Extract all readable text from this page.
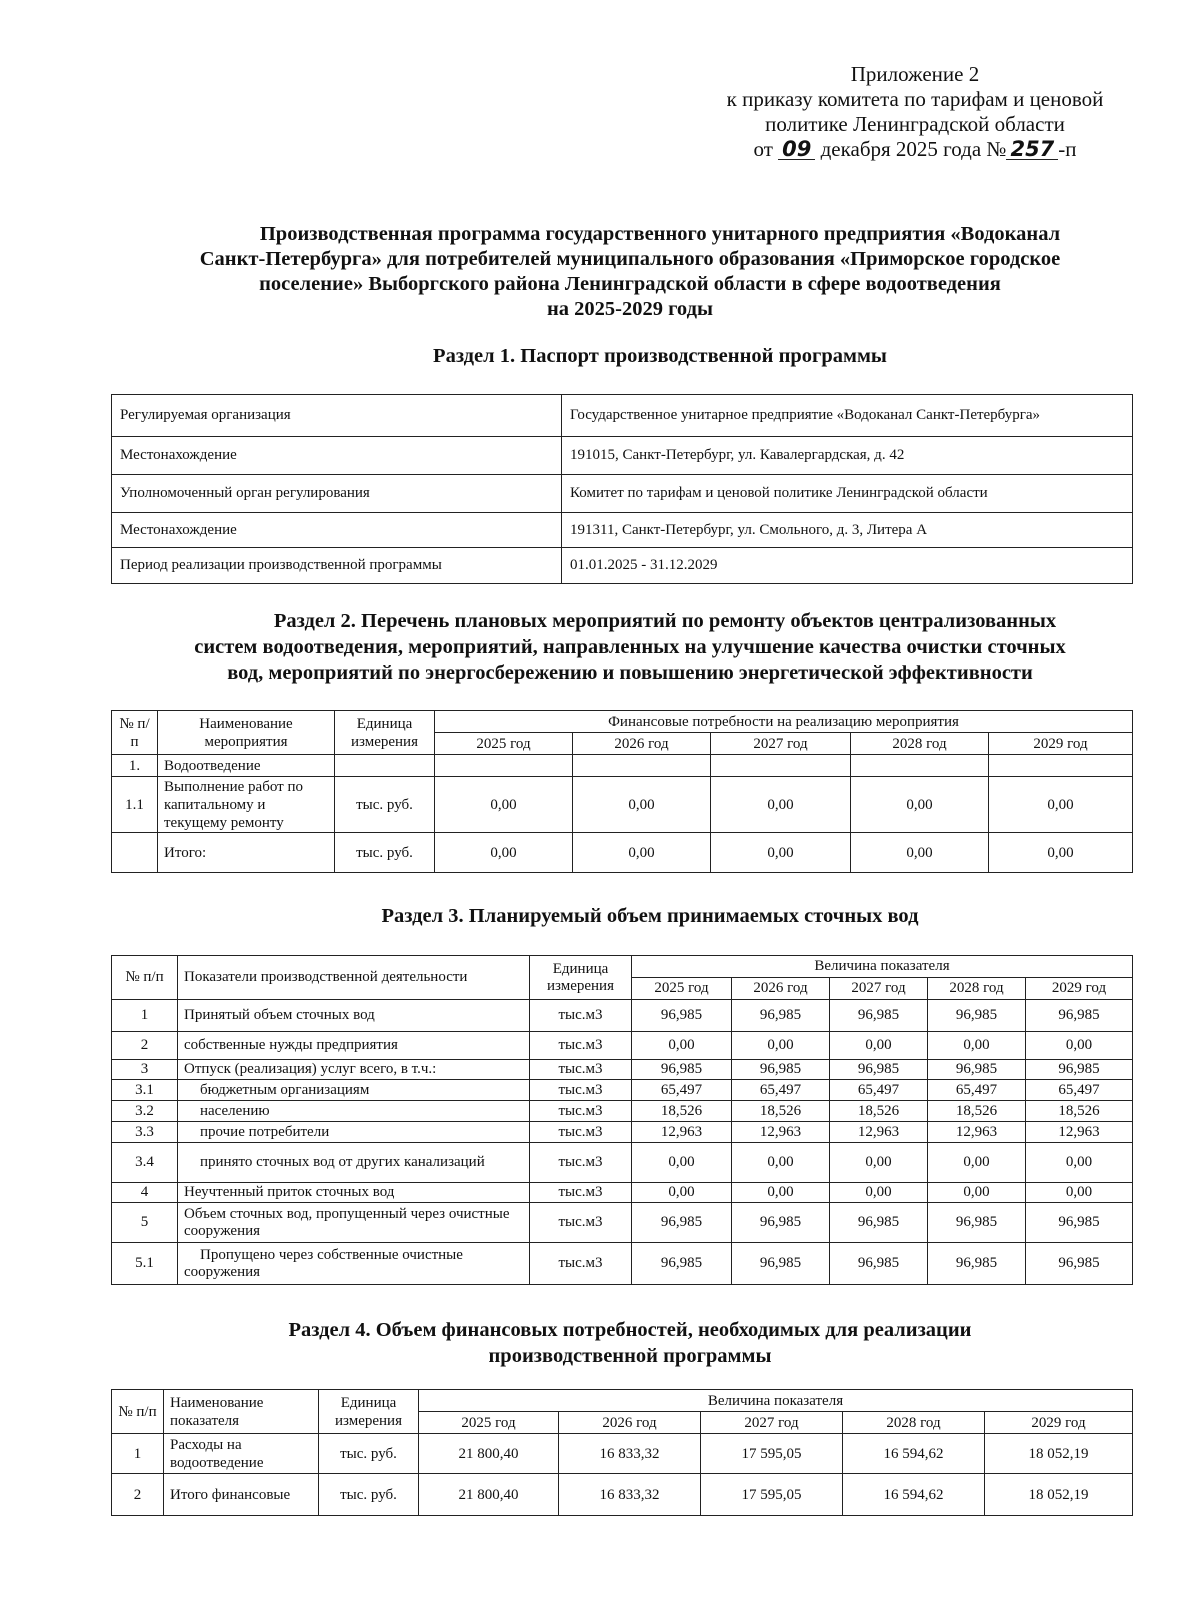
Приложение 2
к приказу комитета по тарифам и ценовой
политике Ленинградской области
от 09 декабря 2025 года № 257 -п
Производственная программа государственного унитарного предприятия «Водоканал
Санкт-Петербурга» для потребителей муниципального образования «Приморское городское
поселение» Выборгского района Ленинградской области в сфере водоотведения
на 2025-2029 годы
Раздел 1. Паспорт производственной программы
Регулируемая организация	Государственное унитарное предприятие «Водоканал Санкт-Петербурга»
Местонахождение	191015, Санкт-Петербург, ул. Кавалергардская, д. 42
Уполномоченный орган регулирования	Комитет по тарифам и ценовой политике Ленинградской области
Местонахождение	191311, Санкт-Петербург, ул. Смольного, д. 3, Литера А
Период реализации производственной программы	01.01.2025 - 31.12.2029
Раздел 2. Перечень плановых мероприятий по ремонту объектов централизованных
систем водоотведения, мероприятий, направленных на улучшение качества очистки сточных
вод, мероприятий по энергосбережению и повышению энергетической эффективности
№ п/п	Наименование мероприятия	Единица измерения	Финансовые потребности на реализацию мероприятия				
			2025 год	2026 год	2027 год	2028 год	2029 год
1.	Водоотведение						
1.1	Выполнение работ по капитальному и текущему ремонту	тыс. руб.	0,00	0,00	0,00	0,00	0,00
	Итого:	тыс. руб.	0,00	0,00	0,00	0,00	0,00
Раздел 3. Планируемый объем принимаемых сточных вод
№ п/п	Показатели производственной деятельности	Единица измерения	Величина показателя				
			2025 год	2026 год	2027 год	2028 год	2029 год
1	Принятый объем сточных вод	тыс.м3	96,985	96,985	96,985	96,985	96,985
2	собственные нужды предприятия	тыс.м3	0,00	0,00	0,00	0,00	0,00
3	Отпуск (реализация) услуг всего, в т.ч.:	тыс.м3	96,985	96,985	96,985	96,985	96,985
3.1	бюджетным организациям	тыс.м3	65,497	65,497	65,497	65,497	65,497
3.2	населению	тыс.м3	18,526	18,526	18,526	18,526	18,526
3.3	прочие потребители	тыс.м3	12,963	12,963	12,963	12,963	12,963
3.4	принято сточных вод от других канализаций	тыс.м3	0,00	0,00	0,00	0,00	0,00
4	Неучтенный приток сточных вод	тыс.м3	0,00	0,00	0,00	0,00	0,00
5	Объем сточных вод, пропущенный через очистные сооружения	тыс.м3	96,985	96,985	96,985	96,985	96,985
5.1	Пропущено через собственные очистные сооружения	тыс.м3	96,985	96,985	96,985	96,985	96,985
Раздел 4. Объем финансовых потребностей, необходимых для реализации
производственной программы
№ п/п	Наименование показателя	Единица измерения	Величина показателя				
			2025 год	2026 год	2027 год	2028 год	2029 год
1	Расходы на водоотведение	тыс. руб.	21 800,40	16 833,32	17 595,05	16 594,62	18 052,19
2	Итого финансовые	тыс. руб.	21 800,40	16 833,32	17 595,05	16 594,62	18 052,19
